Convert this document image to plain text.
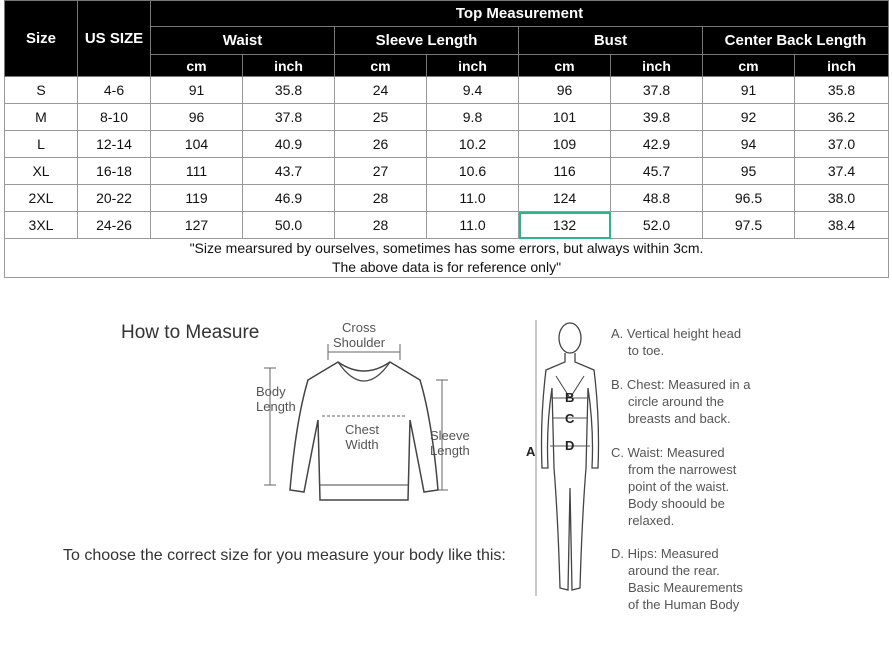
Size	US SIZE	Top Measurement							
		Waist		Sleeve Length		Bust		Center Back Length	
		cm	inch	cm	inch	cm	inch	cm	inch
S	4-6	91	35.8	24	9.4	96	37.8	91	35.8
M	8-10	96	37.8	25	9.8	101	39.8	92	36.2
L	12-14	104	40.9	26	10.2	109	42.9	94	37.0
XL	16-18	111	43.7	27	10.6	116	45.7	95	37.4
2XL	20-22	119	46.9	28	11.0	124	48.8	96.5	38.0
3XL	24-26	127	50.0	28	11.0	132	52.0	97.5	38.4
"Size mearsured by ourselves, sometimes has some errors, but always within 3cm.
The above data is for reference only"									
How to Measure	Cross
Shoulder
Body
Length
Chest
Width
Sleeve
Length	A
B
C
D
A. Vertical height head
to toe.
B. Chest: Measured in a
circle around the
breasts and back.
C. Waist: Measured
from the narrowest
point of the waist.
Body shoould be
relaxed.
D. Hips: Measured
around the rear.
Basic Meaurements
of the Human Body
To choose the correct size for you measure your body like this:
